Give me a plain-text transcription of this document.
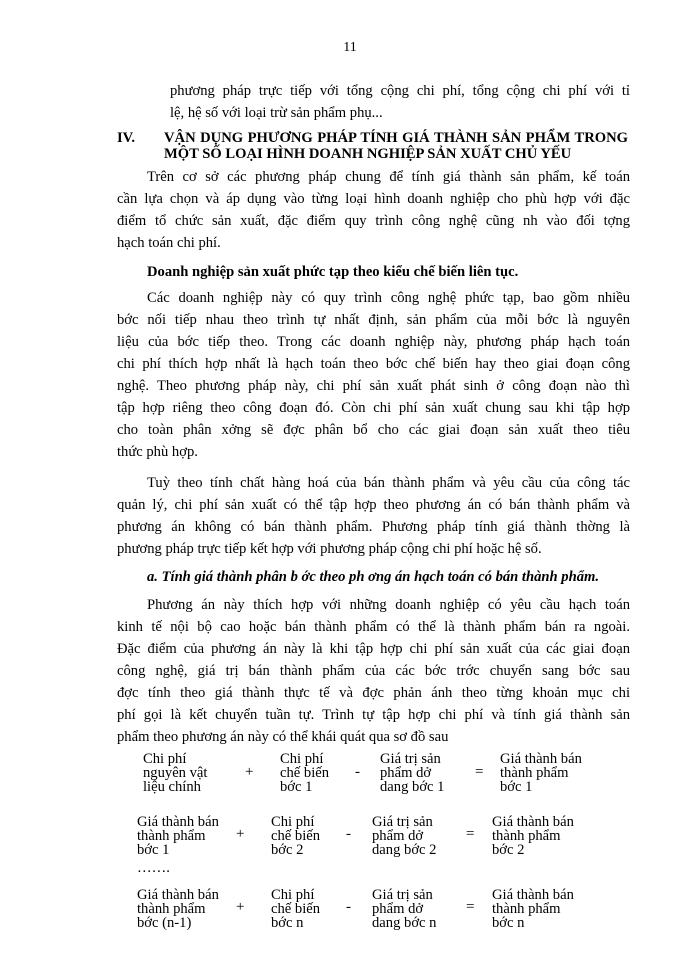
11
phương pháp trực tiếp với tổng cộng chi phí, tổng cộng chi phí với tỉ
lệ, hệ số với loại trừ sản phẩm phụ...
IV. VẬN DỤNG PHƯƠNG PHÁP TÍNH GIÁ THÀNH SẢN PHẨM TRONG
MỘT SỐ LOẠI HÌNH DOANH NGHIỆP SẢN XUẤT CHỦ YẾU
Trên cơ sở các phương pháp chung để tính giá thành sản phẩm, kế toán
cần lựa chọn và áp dụng vào từng loại hình doanh nghiệp cho phù hợp với đặc
điểm tổ chức sản xuất, đặc điểm quy trình công nghệ cũng nh vào đối tợng
hạch toán chi phí.
Doanh nghiệp sản xuất phức tạp theo kiểu chế biến liên tục.
Các doanh nghiệp này có quy trình công nghệ phức tạp, bao gồm nhiều
bớc nối tiếp nhau theo trình tự nhất định, sản phẩm của mỗi bớc là nguyên
liệu của bớc tiếp theo. Trong các doanh nghiệp này, phương pháp hạch toán
chi phí thích hợp nhất là hạch toán theo bớc chế biến hay theo giai đoạn công
nghệ. Theo phương pháp này, chi phí sản xuất phát sinh ở công đoạn nào thì
tập hợp riêng theo công đoạn đó. Còn chi phí sản xuất chung sau khi tập hợp
cho toàn phân xởng sẽ đợc phân bổ cho các giai đoạn sản xuất theo tiêu
thức phù hợp.
Tuỳ theo tính chất hàng hoá của bán thành phẩm và yêu cầu của công tác
quản lý, chi phí sản xuất có thể tập hợp theo phương án có bán thành phẩm và
phương án không có bán thành phẩm. Phương pháp tính giá thành thờng là
phương pháp trực tiếp kết hợp với phương pháp cộng chi phí hoặc hệ số.
a. Tính giá thành phân b ớc theo ph ơng án hạch toán có bán thành phẩm.
Phương án này thích hợp với những doanh nghiệp có yêu cầu hạch toán
kinh tế nội bộ cao hoặc bán thành phẩm có thể là thành phẩm bán ra ngoài.
Đặc điểm của phương án này là khi tập hợp chi phí sản xuất của các giai đoạn
công nghệ, giá trị bán thành phẩm của các bớc trớc chuyển sang bớc sau
đợc tính theo giá thành thực tế và đợc phản ánh theo từng khoản mục chi
phí gọi là kết chuyển tuần tự. Trình tự tập hợp chi phí và tính giá thành sản
phẩm theo phương án này có thể khái quát qua sơ đồ sau
Chi phí
nguyên vật
liệu chính
+
Chi phí
chế biến
bớc 1
-
Giá trị sản
phẩm dở
dang bớc 1
=
Giá thành bán
thành phẩm
bớc 1
Giá thành bán
thành phẩm
bớc 1
+
Chi phí
chế biến
bớc 2
-
Giá trị sản
phẩm dở
dang bớc 2
=
Giá thành bán
thành phẩm
bớc 2
…….
Giá thành bán
thành phẩm
bớc (n-1)
+
Chi phí
chế biến
bớc n
-
Giá trị sản
phẩm dở
dang bớc n
=
Giá thành bán
thành phẩm
bớc n
